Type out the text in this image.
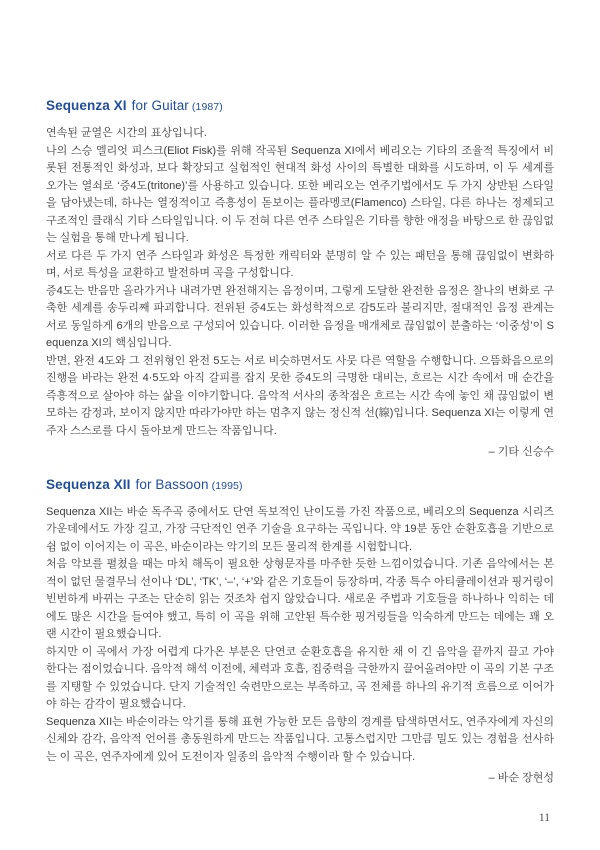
Sequenza XI for Guitar (1987)

연속된 균열은 시간의 표상입니다.

나의 스승 엘리엇 피스크(Eliot Fisk)를 위해 작곡된 Sequenza XI에서 베리오는 기타의 조율적 특징에서 비롯된 전통적인 화성과, 보다 확장되고 실험적인 현대적 화성 사이의 특별한 대화를 시도하며, 이 두 세계를 오가는 열쇠로 ‘증4도(tritone)’를 사용하고 있습니다. 또한 베리오는 연주기법에서도 두 가지 상반된 스타일을 담아냈는데, 하나는 열정적이고 즉흥성이 돋보이는 플라멩코(Flamenco) 스타일, 다른 하나는 정제되고 구조적인 클래식 기타 스타일입니다. 이 두 전혀 다른 연주 스타일은 기타를 향한 애정을 바탕으로 한 끊임없는 실험을 통해 만나게 됩니다.

서로 다른 두 가지 연주 스타일과 화성은 특정한 캐릭터와 분명히 알 수 있는 패턴을 통해 끊임없이 변화하며, 서로 특성을 교환하고 발전하며 곡을 구성합니다.

증4도는 반음만 올라가거나 내려가면 완전해지는 음정이며, 그렇게 도달한 완전한 음정은 찰나의 변화로 구축한 세계를 송두리째 파괴합니다. 전위된 증4도는 화성학적으로 감5도라 불리지만, 절대적인 음정 관계는 서로 동일하게 6개의 반음으로 구성되어 있습니다. 이러한 음정을 매개체로 끊임없이 분출하는 ‘이중성’이 Sequenza XI의 핵심입니다.

반면, 완전 4도와 그 전위형인 완전 5도는 서로 비슷하면서도 사뭇 다른 역할을 수행합니다. 으뜸화음으로의 진행을 바라는 완전 4·5도와 아직 갈피를 잡지 못한 증4도의 극명한 대비는, 흐르는 시간 속에서 매 순간을 즉흥적으로 살아야 하는 삶을 이야기합니다. 음악적 서사의 종착점은 흐르는 시간 속에 놓인 채 끊임없이 변모하는 감정과, 보이지 않지만 따라가야만 하는 멈추지 않는 정신적 선(線)입니다. Sequenza XI는 이렇게 연주자 스스로를 다시 돌아보게 만드는 작품입니다.

– 기타 신승수

Sequenza XII for Bassoon (1995)

Sequenza XII는 바순 독주곡 중에서도 단연 독보적인 난이도를 가진 작품으로, 베리오의 Sequenza 시리즈 가운데에서도 가장 길고, 가장 극단적인 연주 기술을 요구하는 곡입니다. 약 19분 동안 순환호흡을 기반으로 쉼 없이 이어지는 이 곡은, 바순이라는 악기의 모든 물리적 한계를 시험합니다.

처음 악보를 펼쳤을 때는 마치 해독이 필요한 상형문자를 마주한 듯한 느낌이었습니다. 기존 음악에서는 본 적이 없던 물결무늬 선이나 ‘DL’, ‘TK’, ‘–’, ‘+’와 같은 기호들이 등장하며, 각종 특수 아티큘레이션과 핑거링이 빈번하게 바뀌는 구조는 단순히 읽는 것조차 쉽지 않았습니다. 새로운 주법과 기호들을 하나하나 익히는 데에도 많은 시간을 들여야 했고, 특히 이 곡을 위해 고안된 특수한 핑거링들을 익숙하게 만드는 데에는 꽤 오랜 시간이 필요했습니다.

하지만 이 곡에서 가장 어렵게 다가온 부분은 단연코 순환호흡을 유지한 채 이 긴 음악을 끝까지 끌고 가야 한다는 점이었습니다. 음악적 해석 이전에, 체력과 호흡, 집중력을 극한까지 끌어올려야만 이 곡의 기본 구조를 지탱할 수 있었습니다. 단지 기술적인 숙련만으로는 부족하고, 곡 전체를 하나의 유기적 흐름으로 이어가야 하는 감각이 필요했습니다.

Sequenza XII는 바순이라는 악기를 통해 표현 가능한 모든 음향의 경계를 탐색하면서도, 연주자에게 자신의 신체와 감각, 음악적 언어를 총동원하게 만드는 작품입니다. 고통스럽지만 그만큼 밀도 있는 경험을 선사하는 이 곡은, 연주자에게 있어 도전이자 일종의 음악적 수행이라 할 수 있습니다.

– 바순 장현성

11
